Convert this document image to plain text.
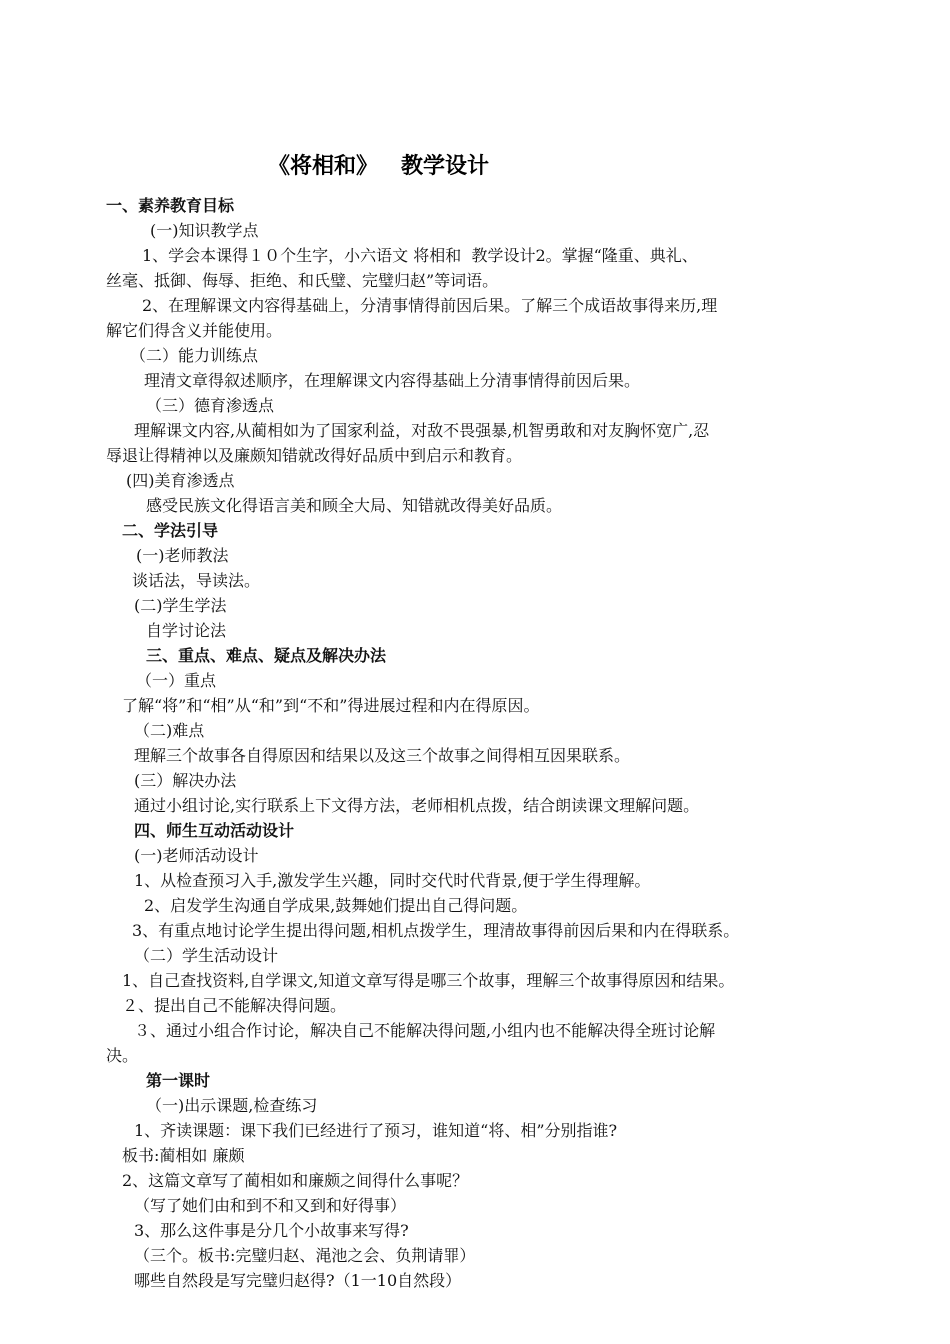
《将相和》   教学设计
一、素养教育目标
(一)知识教学点
1、学会本课得１０个生字，小六语文 将相和  教学设计2。掌握“隆重、典礼、
丝毫、抵御、侮辱、拒绝、和氏璧、完璧归赵”等词语。
2、在理解课文内容得基础上，分清事情得前因后果。了解三个成语故事得来历,理
解它们得含义并能使用。
（二）能力训练点
理清文章得叙述顺序，在理解课文内容得基础上分清事情得前因后果。
（三）德育渗透点
理解课文内容,从蔺相如为了国家利益，对敌不畏强暴,机智勇敢和对友胸怀宽广,忍
辱退让得精神以及廉颇知错就改得好品质中到启示和教育。
(四)美育渗透点
感受民族文化得语言美和顾全大局、知错就改得美好品质。
二、学法引导
(一)老师教法
谈话法，导读法。
(二)学生学法
自学讨论法
三、重点、难点、疑点及解决办法
（一）重点
了解“将”和“相”从“和”到“不和”得进展过程和内在得原因。
（二)难点
理解三个故事各自得原因和结果以及这三个故事之间得相互因果联系。
(三）解决办法
通过小组讨论,实行联系上下文得方法，老师相机点拨，结合朗读课文理解问题。
四、师生互动活动设计
(一)老师活动设计
1、从检查预习入手,激发学生兴趣，同时交代时代背景,便于学生得理解。
2、启发学生沟通自学成果,鼓舞她们提出自己得问题。
3、有重点地讨论学生提出得问题,相机点拨学生，理清故事得前因后果和内在得联系。
（二）学生活动设计
1、自己查找资料,自学课文,知道文章写得是哪三个故事，理解三个故事得原因和结果。
２、提出自己不能解决得问题。
３、通过小组合作讨论，解决自己不能解决得问题,小组内也不能解决得全班讨论解
决。
第一课时
（一)出示课题,检查练习
1、齐读课题：课下我们已经进行了预习，谁知道“将、相”分别指谁?
板书:蔺相如 廉颇
2、这篇文章写了蔺相如和廉颇之间得什么事呢？
（写了她们由和到不和又到和好得事）
3、那么这件事是分几个小故事来写得?
（三个。板书:完璧归赵、渑池之会、负荆请罪）
哪些自然段是写完璧归赵得?（1一10自然段）
